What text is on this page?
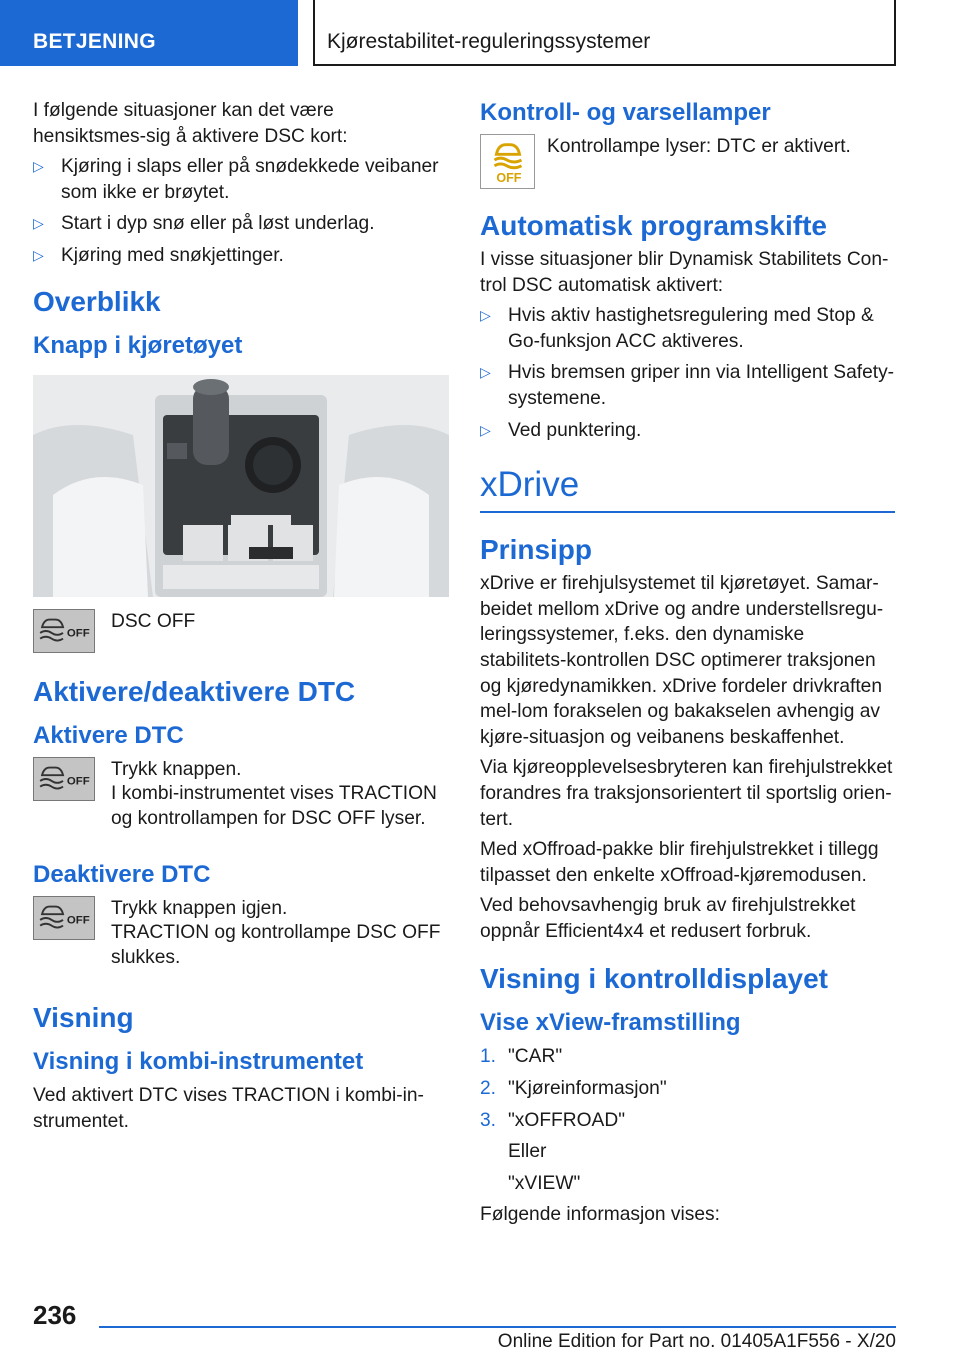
BETJENING	Kjørestabilitet-reguleringssystemer

I følgende situasjoner kan det være hensiktsmes-sig å aktivere DSC kort:

▷ Kjøring i slaps eller på snødekkede veibaner som ikke er brøytet.
▷ Start i dyp snø eller på løst underlag.
▷ Kjøring med snøkjettinger.
Overblikk
Knapp i kjøretøyet
OFF
DSC OFF
Aktivere/deaktivere DTC
Aktivere DTC
OFF

Trykk knappen.

I kombi-instrumentet vises TRACTION og kontrollampen for DSC OFF lyser.

Deaktivere DTC
OFF

Trykk knappen igjen.

TRACTION og kontrollampe DSC OFF slukkes.

Visning
Visning i kombi-instrumentet

Ved aktivert DTC vises TRACTION i kombi-in-strumentet.

Kontroll- og varsellamper
OFF

Kontrollampe lyser: DTC er aktivert.

Automatisk programskifte

I visse situasjoner blir Dynamisk Stabilitets Con-trol DSC automatisk aktivert:

▷ Hvis aktiv hastighetsregulering med Stop & Go-funksjon ACC aktiveres.
▷ Hvis bremsen griper inn via Intelligent Safety-systemene.
▷ Ved punktering.
xDrive
Prinsipp

xDrive er firehjulsystemet til kjøretøyet. Samar-beidet mellom xDrive og andre understellsregu-leringssystemer, f.eks. den dynamiske stabilitets-kontrollen DSC optimerer traksjonen og kjøredynamikken. xDrive fordeler drivkraften mel-lom forakselen og bakakselen avhengig av kjøre-situasjon og veibanens beskaffenhet.

Via kjøreopplevelsesbryteren kan firehjulstrekket forandres fra traksjonsorientert til sportslig orien-tert.

Med xOffroad-pakke blir firehjulstrekket i tillegg tilpasset den enkelte xOffroad-kjøremodusen.

Ved behovsavhengig bruk av firehjulstrekket oppnår Efficient4x4 et redusert forbruk.

Visning i kontrolldisplayet
Vise xView-framstilling
1. "CAR"
2. "Kjøreinformasjon"
3. "xOFFROAD"
Eller
"xVIEW"

Følgende informasjon vises:

236
Online Edition for Part no. 01405A1F556 - X/20
